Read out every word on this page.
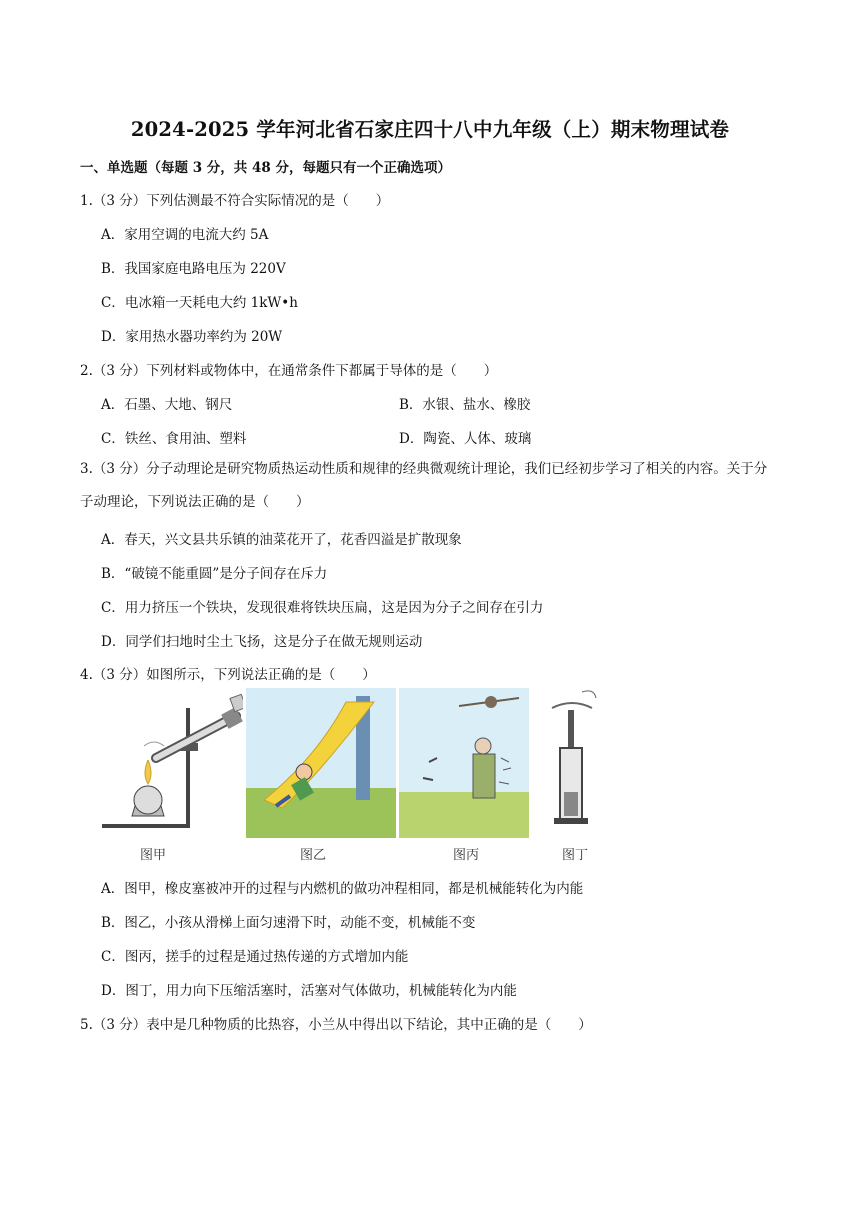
2024-2025 学年河北省石家庄四十八中九年级（上）期末物理试卷
一、单选题（每题 3 分，共 48 分，每题只有一个正确选项）
1.（3 分）下列估测最不符合实际情况的是（　　）
A．家用空调的电流大约 5A
B．我国家庭电路电压为 220V
C．电冰箱一天耗电大约 1kW•h
D．家用热水器功率约为 20W
2.（3 分）下列材料或物体中，在通常条件下都属于导体的是（　　）
A．石墨、大地、钢尺	B．水银、盐水、橡胶
C．铁丝、食用油、塑料	D．陶瓷、人体、玻璃
3.（3 分）分子动理论是研究物质热运动性质和规律的经典微观统计理论，我们已经初步学习了相关的内容。关于分子动理论，下列说法正确的是（　　）
A．春天，兴文县共乐镇的油菜花开了，花香四溢是扩散现象
B．“破镜不能重圆”是分子间存在斥力
C．用力挤压一个铁块，发现很难将铁块压扁，这是因为分子之间存在引力
D．同学们扫地时尘土飞扬，这是分子在做无规则运动
4.（3 分）如图所示，下列说法正确的是（　　）
图甲	图乙	图丙	图丁
A．图甲，橡皮塞被冲开的过程与内燃机的做功冲程相同，都是机械能转化为内能
B．图乙，小孩从滑梯上面匀速滑下时，动能不变，机械能不变
C．图丙，搓手的过程是通过热传递的方式增加内能
D．图丁，用力向下压缩活塞时，活塞对气体做功，机械能转化为内能
5.（3 分）表中是几种物质的比热容，小兰从中得出以下结论，其中正确的是（　　）
